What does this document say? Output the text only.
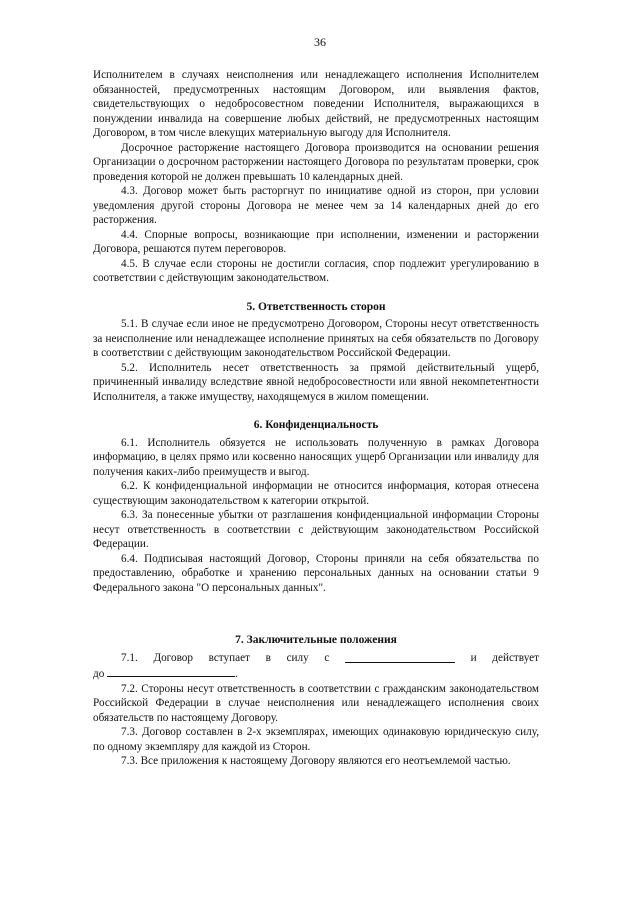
36

Исполнителем в случаях неисполнения или ненадлежащего исполнения Исполнителем обязанностей, предусмотренных настоящим Договором, или выявления фактов, свидетельствующих о недобросовестном поведении Исполнителя, выражающихся в понуждении инвалида на совершение любых действий, не предусмотренных настоящим Договором, в том числе влекущих материальную выгоду для Исполнителя.

Досрочное расторжение настоящего Договора производится на основании решения Организации о досрочном расторжении настоящего Договора по результатам проверки, срок проведения которой не должен превышать 10 календарных дней.

4.3. Договор может быть расторгнут по инициативе одной из сторон, при условии уведомления другой стороны Договора не менее чем за 14 календарных дней до его расторжения.

4.4. Спорные вопросы, возникающие при исполнении, изменении и расторжении Договора, решаются путем переговоров.

4.5. В случае если стороны не достигли согласия, спор подлежит урегулированию в соответствии с действующим законодательством.

5. Ответственность сторон

5.1. В случае если иное не предусмотрено Договором, Стороны несут ответственность за неисполнение или ненадлежащее исполнение принятых на себя обязательств по Договору в соответствии с действующим законодательством Российской Федерации.

5.2. Исполнитель несет ответственность за прямой действительный ущерб, причиненный инвалиду вследствие явной недобросовестности или явной некомпетентности Исполнителя, а также имуществу, находящемуся в жилом помещении.

6. Конфиденциальность

6.1. Исполнитель обязуется не использовать полученную в рамках Договора информацию, в целях прямо или косвенно наносящих ущерб Организации или инвалиду для получения каких-либо преимуществ и выгод.

6.2. К конфиденциальной информации не относится информация, которая отнесена существующим законодательством к категории открытой.

6.3. За понесенные убытки от разглашения конфиденциальной информации Стороны несут ответственность в соответствии с действующим законодательством Российской Федерации.

6.4. Подписывая настоящий Договор, Стороны приняли на себя обязательства по предоставлению, обработке и хранению персональных данных на основании статьи 9 Федерального закона "О персональных данных".

7. Заключительные положения

7.1. Договор вступает в силу с	и действует

до	.

7.2. Стороны несут ответственность в соответствии с гражданским законодательством Российской Федерации в случае неисполнения или ненадлежащего исполнения своих обязательств по настоящему Договору.

7.3. Договор составлен в 2-х экземплярах, имеющих одинаковую юридическую силу, по одному экземпляру для каждой из Сторон.

7.3. Все приложения к настоящему Договору являются его неотъемлемой частью.
